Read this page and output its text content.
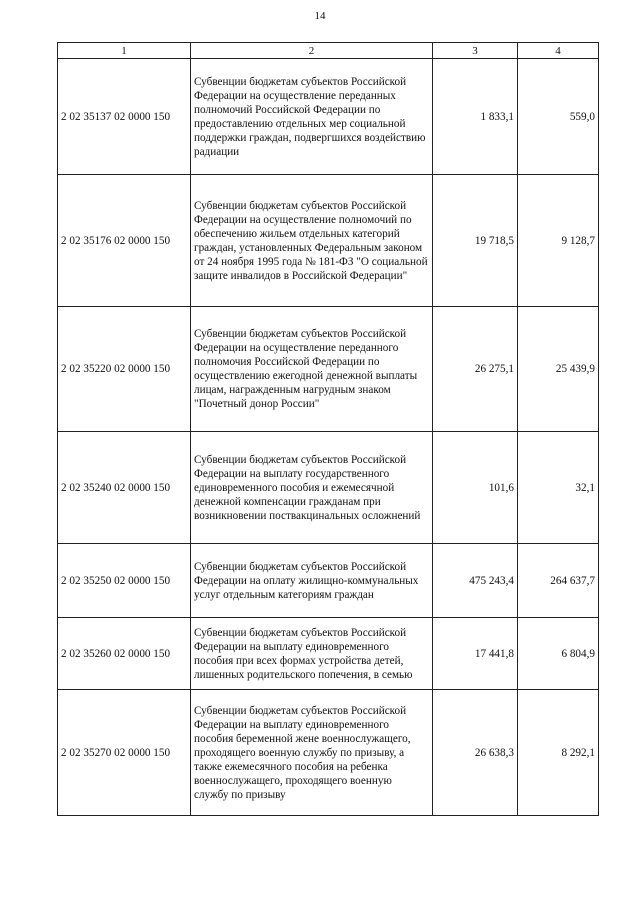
14
1	2	3	4
2 02 35137 02 0000 150	Субвенции бюджетам субъектов Российской Федерации на осуществление переданных полномочий Российской Федерации по предоставлению отдельных мер социальной поддержки граждан, подвергшихся воздействию радиации	1 833,1	559,0
2 02 35176 02 0000 150	Субвенции бюджетам субъектов Российской Федерации на осуществление полномочий по обеспечению жильем отдельных категорий граждан, установленных Федеральным законом от 24 ноября 1995 года № 181-ФЗ "О социальной защите инвалидов в Российской Федерации"	19 718,5	9 128,7
2 02 35220 02 0000 150	Субвенции бюджетам субъектов Российской Федерации на осуществление переданного полномочия Российской Федерации по осуществлению ежегодной денежной выплаты лицам, награжденным нагрудным знаком "Почетный донор России"	26 275,1	25 439,9
2 02 35240 02 0000 150	Субвенции бюджетам субъектов Российской Федерации на выплату государственного единовременного пособия и ежемесячной денежной компенсации гражданам при возникновении поствакцинальных осложнений	101,6	32,1
2 02 35250 02 0000 150	Субвенции бюджетам субъектов Российской Федерации на оплату жилищно-коммунальных услуг отдельным категориям граждан	475 243,4	264 637,7
2 02 35260 02 0000 150	Субвенции бюджетам субъектов Российской Федерации на выплату единовременного пособия при всех формах устройства детей, лишенных родительского попечения, в семью	17 441,8	6 804,9
2 02 35270 02 0000 150	Субвенции бюджетам субъектов Российской Федерации на выплату единовременного пособия беременной жене военнослужащего, проходящего военную службу по призыву, а также ежемесячного пособия на ребенка военнослужащего, проходящего военную службу по призыву	26 638,3	8 292,1
